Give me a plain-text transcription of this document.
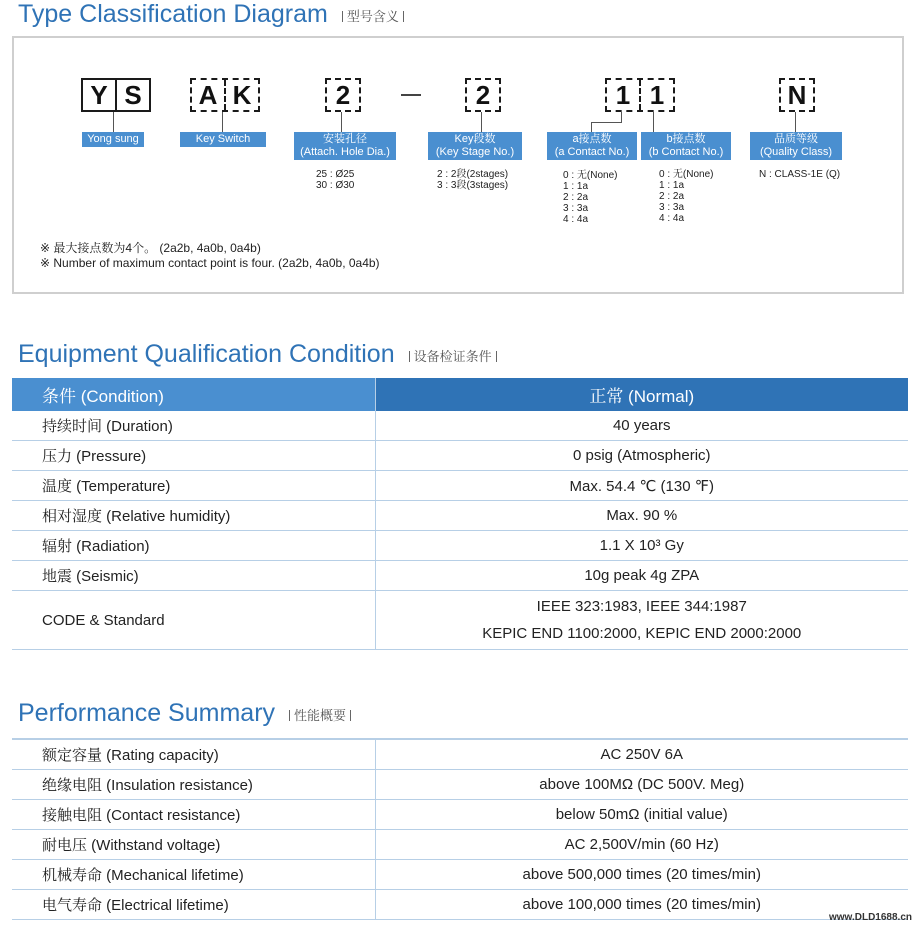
Type Classification Diagram 型号含义
Y S A K	2	2	1 1	N
Yong sung	Key Switch	安装孔径
(Attach. Hole Dia.)
Key段数
(Key Stage No.)
a接点数
(a Contact No.)
b接点数
(b Contact No.)
品质等级
(Quality Class)
25 : Ø25
30 : Ø30
2 : 2段(2stages)
3 : 3段(3stages)
0 : 无(None)
1 : 1a
2 : 2a
3 : 3a
4 : 4a
0 : 无(None)
1 : 1a
2 : 2a
3 : 3a
4 : 4a
N : CLASS-1E (Q)
※ 最大接点数为4个。 (2a2b, 4a0b, 0a4b)
※ Number of maximum contact point is four. (2a2b, 4a0b, 0a4b)
Equipment Qualification Condition 设备检证条件
条件 (Condition)	正常 (Normal)
持续时间 (Duration)	40 years
压力 (Pressure)	0 psig (Atmospheric)
温度 (Temperature)	Max. 54.4 ℃ (130 ℉)
相对湿度 (Relative humidity)	Max. 90 %
辐射 (Radiation)	1.1 X 10³ Gy
地震 (Seismic)	10g peak 4g ZPA
CODE & Standard	IEEE 323:1983, IEEE 344:1987
KEPIC END 1100:2000, KEPIC END 2000:2000
Performance Summary 性能概要
额定容量 (Rating capacity)	AC 250V 6A
绝缘电阻 (Insulation resistance)	above 100MΩ (DC 500V. Meg)
接触电阻 (Contact resistance)	below 50mΩ (initial value)
耐电压 (Withstand voltage)	AC 2,500V/min (60 Hz)
机械寿命 (Mechanical lifetime)	above 500,000 times (20 times/min)
电气寿命 (Electrical lifetime)	above 100,000 times (20 times/min)
www.DLD1688.cn
